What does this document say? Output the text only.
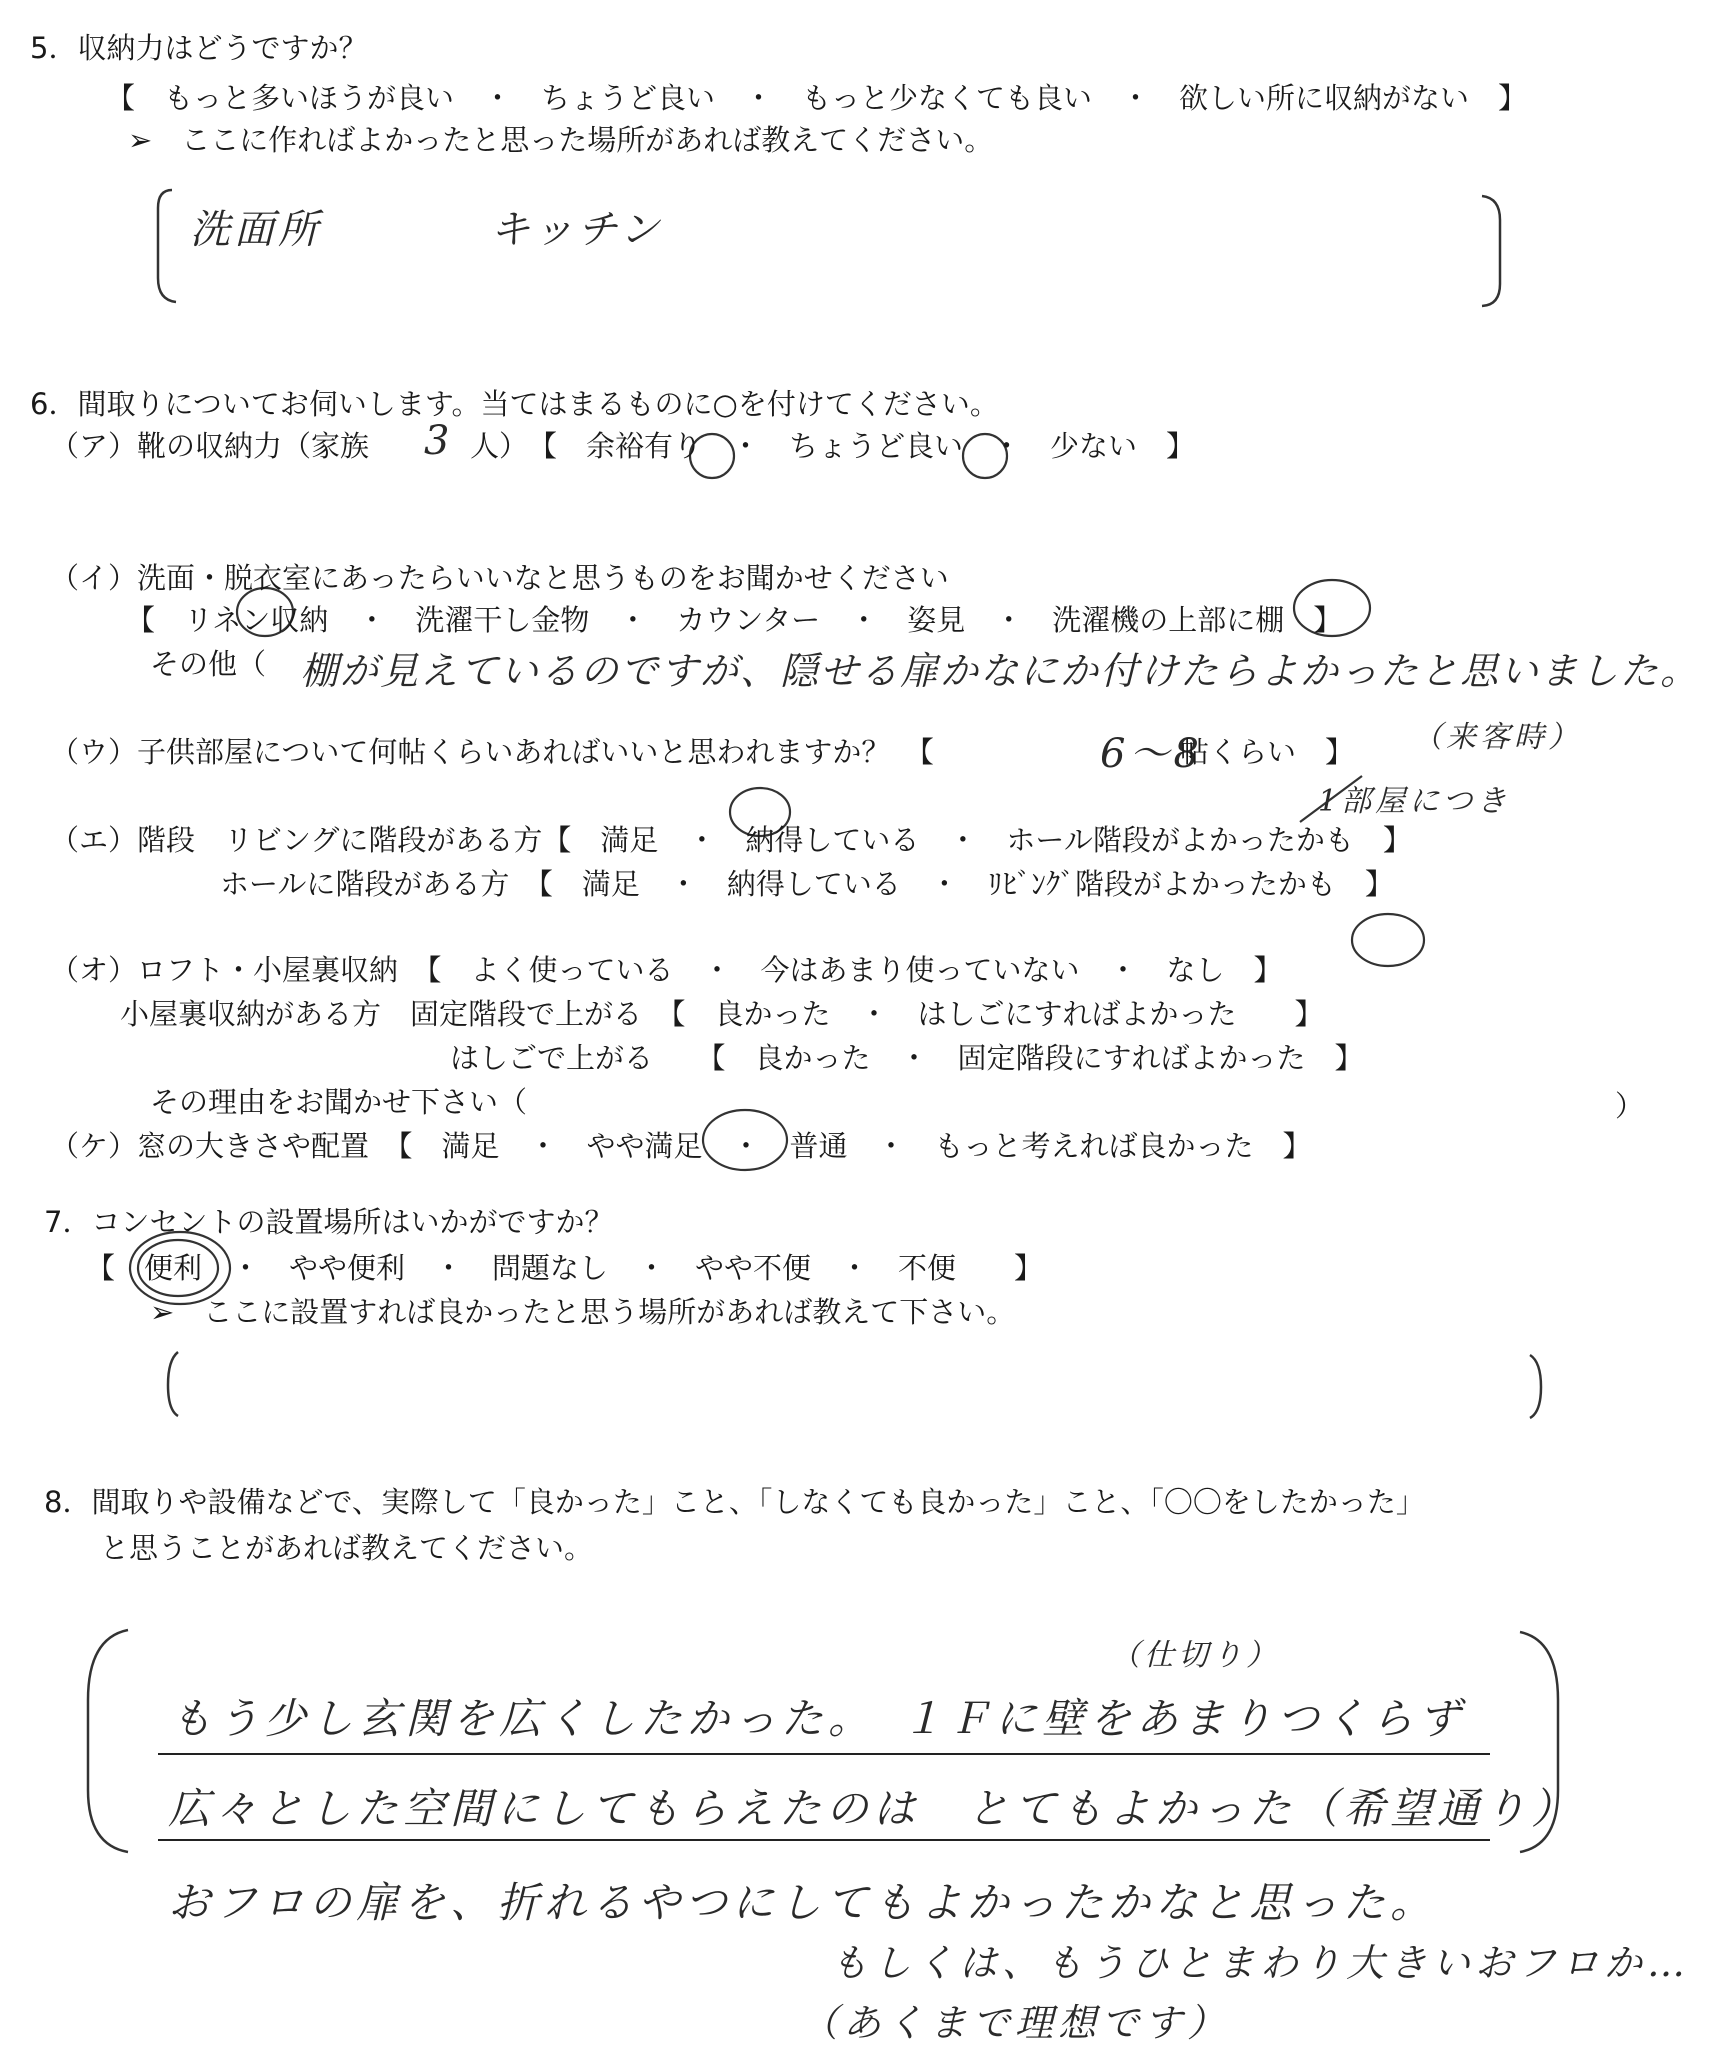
5．収納力はどうですか？
【　もっと多いほうが良い　・　ちょうど良い　・　もっと少なくても良い　・　欲しい所に収納がない　】
➢　ここに作ればよかったと思った場所があれば教えてください。
洗面所	キッチン
6．間取りについてお伺いします。当てはまるものに○を付けてください。
（ア）靴の収納力（家族 3 人）　【　余裕有り　・　ちょうど良い　・　少ない　】
（イ）洗面・脱衣室にあったらいいなと思うものをお聞かせください
【　リネン収納　・　洗濯干し金物　・　カウンター　・　姿見　・　洗濯機の上部に棚　】
その他（ 棚が見えているのですが、隠せる扉かなにか付けたらよかったと思いました。
（来客時）
（ウ）子供部屋について何帖くらいあればいいと思われますか？　【	6〜8
帖くらい　】
1部屋につき
（エ）階段　リビングに階段がある方【　満足　・　納得している　・　ホール階段がよかったかも　】
ホールに階段がある方　【　満足　・　納得している　・　ﾘﾋﾞﾝｸﾞ階段がよかったかも　】
（オ）ロフト・小屋裏収納　【　よく使っている　・　今はあまり使っていない　・　なし　】
小屋裏収納がある方　固定階段で上がる　【　良かった　・　はしごにすればよかった　　】
はしごで上がる　　【　良かった　・　固定階段にすればよかった　】
その理由をお聞かせ下さい（	）
（ケ）窓の大きさや配置　【　満足　・　やや満足　・　普通　・　もっと考えれば良かった　】
7．コンセントの設置場所はいかがですか？
【　便利　・　やや便利　・　問題なし　・　やや不便　・　不便　　】
➢　ここに設置すれば良かったと思う場所があれば教えて下さい。
8．間取りや設備などで、実際して「良かった」こと、「しなくても良かった」こと、「〇〇をしたかった」
と思うことがあれば教えてください。
（仕切り）
もう少し玄関を広くしたかった。　１Ｆに壁をあまりつくらず
広々とした空間にしてもらえたのは　とてもよかった（希望通り）
おフロの扉を、折れるやつにしてもよかったかなと思った。
もしくは、もうひとまわり大きいおフロか…
（あくまで理想です）
